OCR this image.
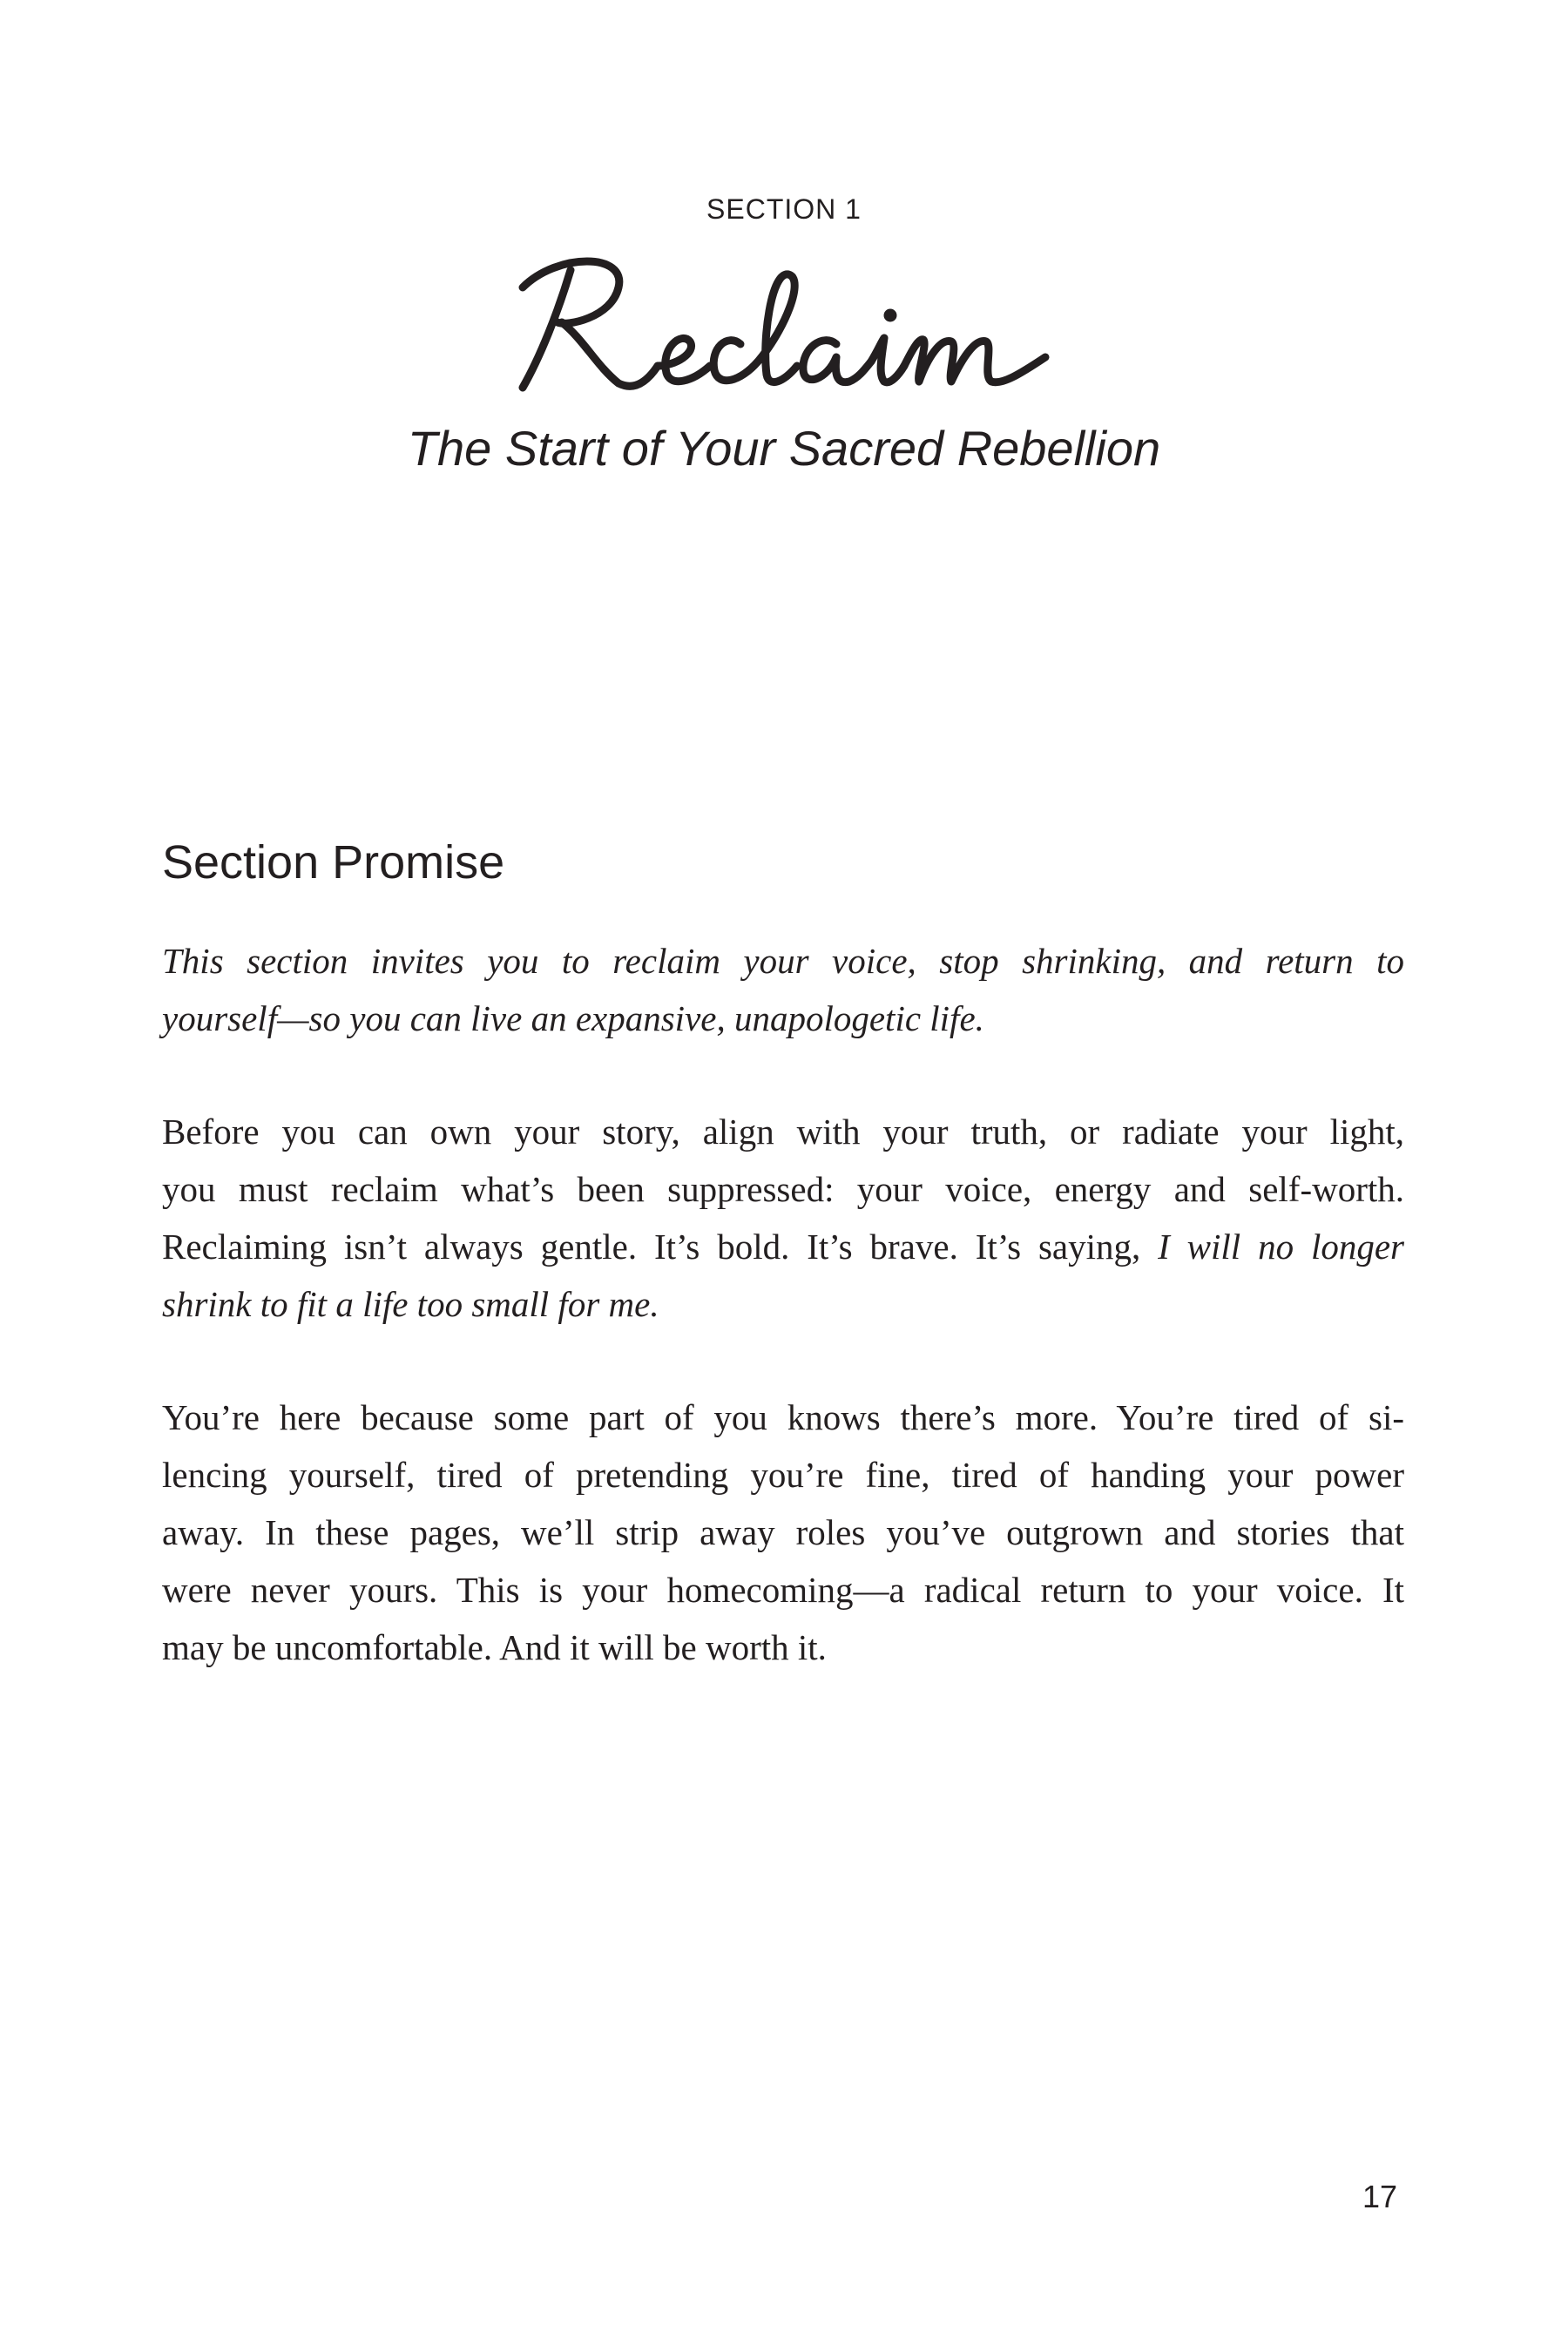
SECTION 1
The Start of Your Sacred Rebellion
Section Promise
This section invites you to reclaim your voice, stop shrinking, and return to
yourself—so you can live an expansive, unapologetic life.
Before you can own your story, align with your truth, or radiate your light,
you must reclaim what’s been suppressed: your voice, energy and self-worth.
Reclaiming isn’t always gentle. It’s bold. It’s brave. It’s saying, I will no longer
shrink to fit a life too small for me.
You’re here because some part of you knows there’s more. You’re tired of si-
lencing yourself, tired of pretending you’re fine, tired of handing your power
away. In these pages, we’ll strip away roles you’ve outgrown and stories that
were never yours. This is your homecoming—a radical return to your voice. It
may be uncomfortable. And it will be worth it.
17
